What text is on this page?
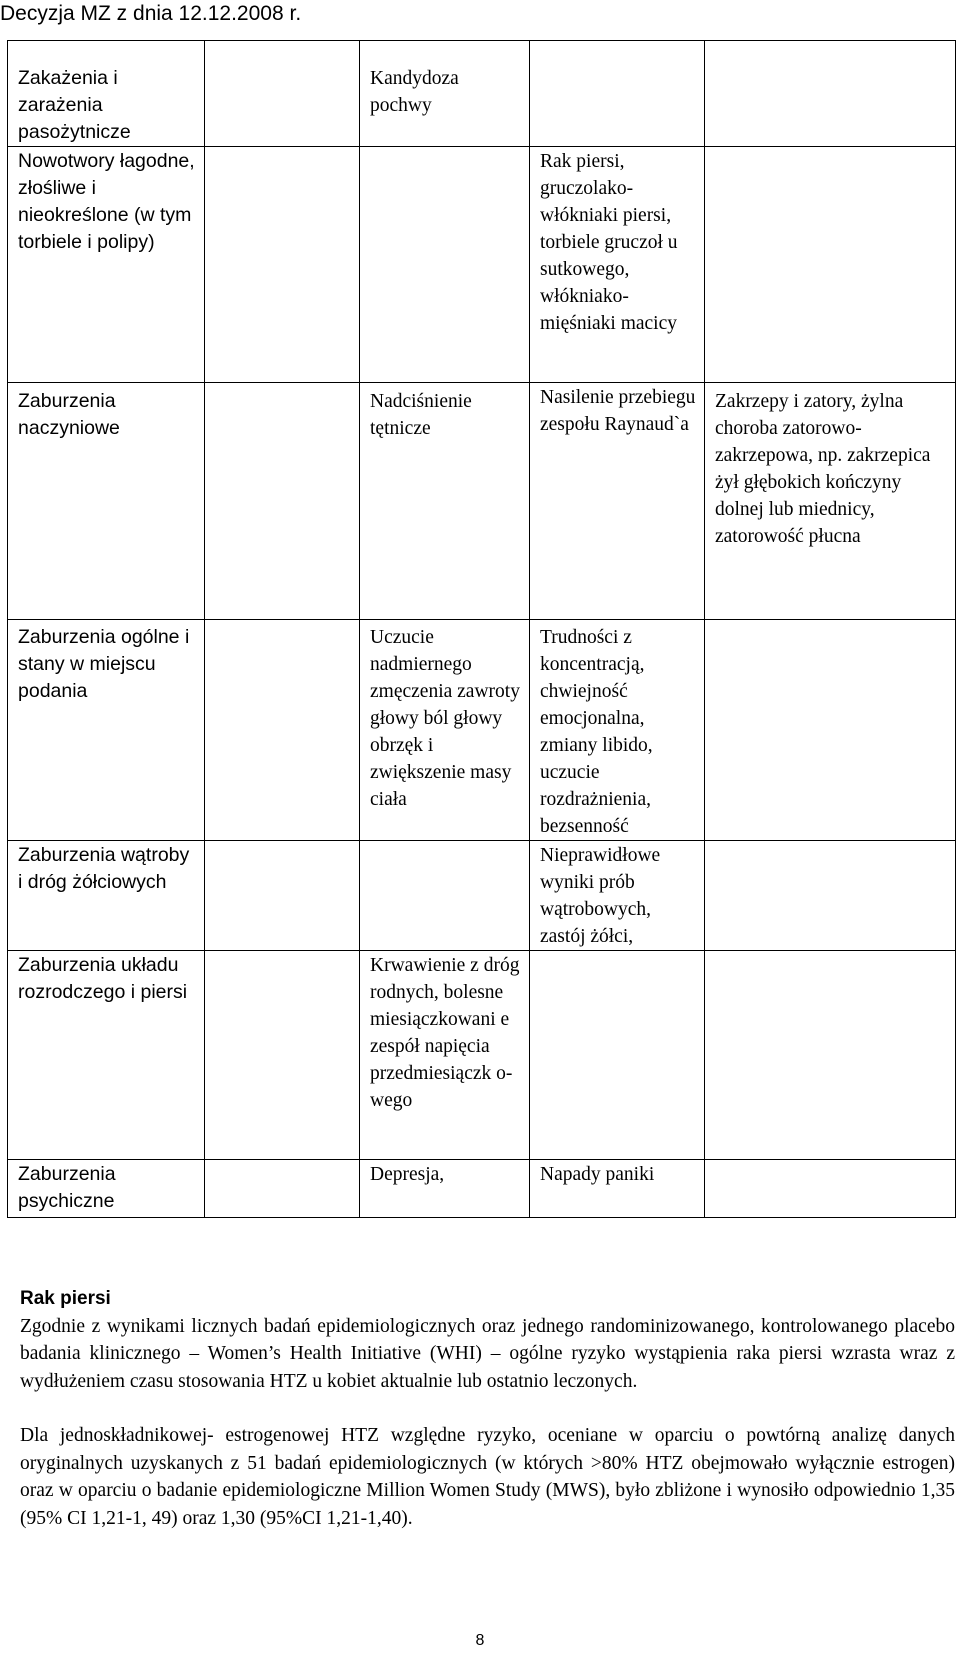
Decyzja MZ z dnia 12.12.2008 r.
Zakażenia i zarażenia pasożytnicze		Kandydoza pochwy		
Nowotwory łagodne, złośliwe i nieokreślone (w tym torbiele i polipy)			Rak piersi, gruczolako-włókniaki piersi, torbiele gruczoł u sutkowego, włókniako-mięśniaki macicy	
Zaburzenia naczyniowe		Nadciśnienie tętnicze	Nasilenie przebiegu zespołu Raynaud`a	Zakrzepy i zatory, żylna choroba zatorowo-zakrzepowa, np. zakrzepica żył głębokich kończyny dolnej lub miednicy, zatorowość płucna
Zaburzenia ogólne i stany w miejscu podania		Uczucie nadmiernego zmęczenia zawroty głowy ból głowy obrzęk i zwiększenie masy ciała	Trudności z koncentracją, chwiejność emocjonalna, zmiany libido, uczucie rozdrażnienia, bezsenność	
Zaburzenia wątroby i dróg żółciowych			Nieprawidłowe wyniki prób wątrobowych, zastój żółci,	
Zaburzenia układu rozrodczego i piersi		Krwawienie z dróg rodnych, bolesne miesiączkowani e zespół napięcia przedmiesiączk o-wego		
Zaburzenia psychiczne		Depresja,	Napady paniki	
Rak piersi
Zgodnie z wynikami licznych badań epidemiologicznych oraz jednego randominizowanego, kontrolowanego placebo badania klinicznego – Women’s Health Initiative (WHI) – ogólne ryzyko wystąpienia raka piersi wzrasta wraz z wydłużeniem czasu stosowania HTZ u kobiet aktualnie lub ostatnio leczonych.
Dla jednoskładnikowej- estrogenowej HTZ względne ryzyko, oceniane w oparciu o powtórną analizę danych oryginalnych uzyskanych z 51 badań epidemiologicznych (w których >80% HTZ obejmowało wyłącznie estrogen) oraz w oparciu o badanie epidemiologiczne Million Women Study (MWS), było zbliżone i wynosiło odpowiednio 1,35 (95% CI 1,21-1, 49) oraz 1,30 (95%CI 1,21-1,40).
8
